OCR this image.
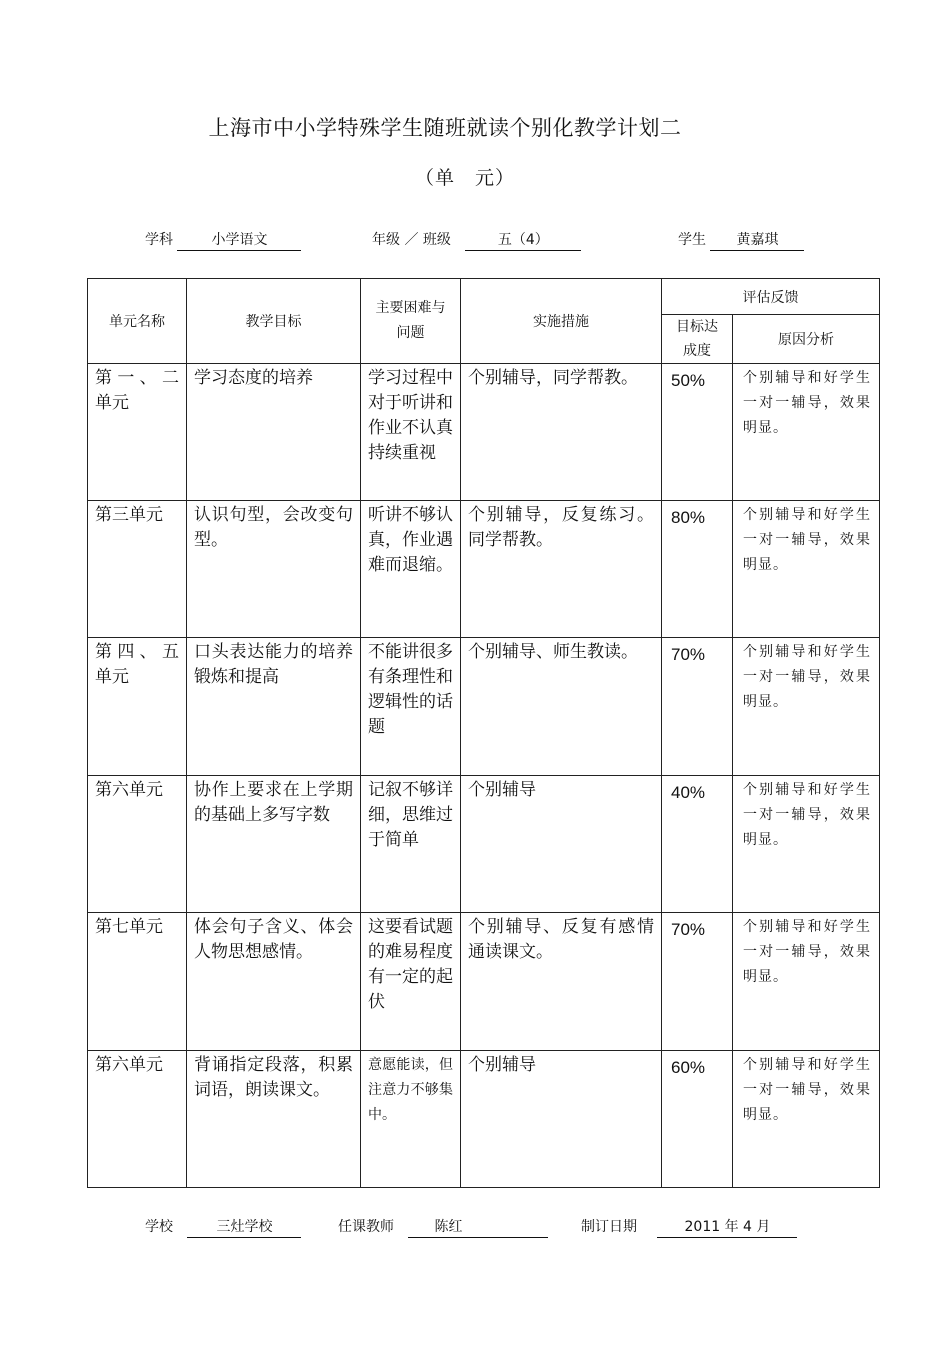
上海市中小学特殊学生随班就读个别化教学计划二
（单　元）
学科	小学语文	年级 ／ 班级	五（4）	学生 黄嘉琪
单元名称	教学目标	主要困难与问题	实施措施	评估反馈	
				目标达成度	原因分析

第一、二单元	学习态度的培养	学习过程中对于听讲和作业不认真持续重视	个别辅导，同学帮教。	50%	个别辅导和好学生一对一辅导，效果明显。

第三单元	认识句型，会改变句型。	听讲不够认真，作业遇难而退缩。	个别辅导，反复练习。同学帮教。	80%	个别辅导和好学生一对一辅导，效果明显。

第四、五单元	口头表达能力的培养锻炼和提高	不能讲很多有条理性和逻辑性的话题	个别辅导、师生教读。	70%	个别辅导和好学生一对一辅导，效果明显。

第六单元	协作上要求在上学期的基础上多写字数	记叙不够详细，思维过于简单	个别辅导	40%	个别辅导和好学生一对一辅导，效果明显。

第七单元	体会句子含义、体会人物思想感情。	这要看试题的难易程度有一定的起伏	个别辅导、反复有感情通读课文。	70%	个别辅导和好学生一对一辅导，效果明显。

第六单元	背诵指定段落，积累词语，朗读课文。	意愿能读，但注意力不够集中。	个别辅导	60%	个别辅导和好学生一对一辅导，效果明显。
学校	三灶学校	任课教师	陈红	制订日期	2011 年 4 月
